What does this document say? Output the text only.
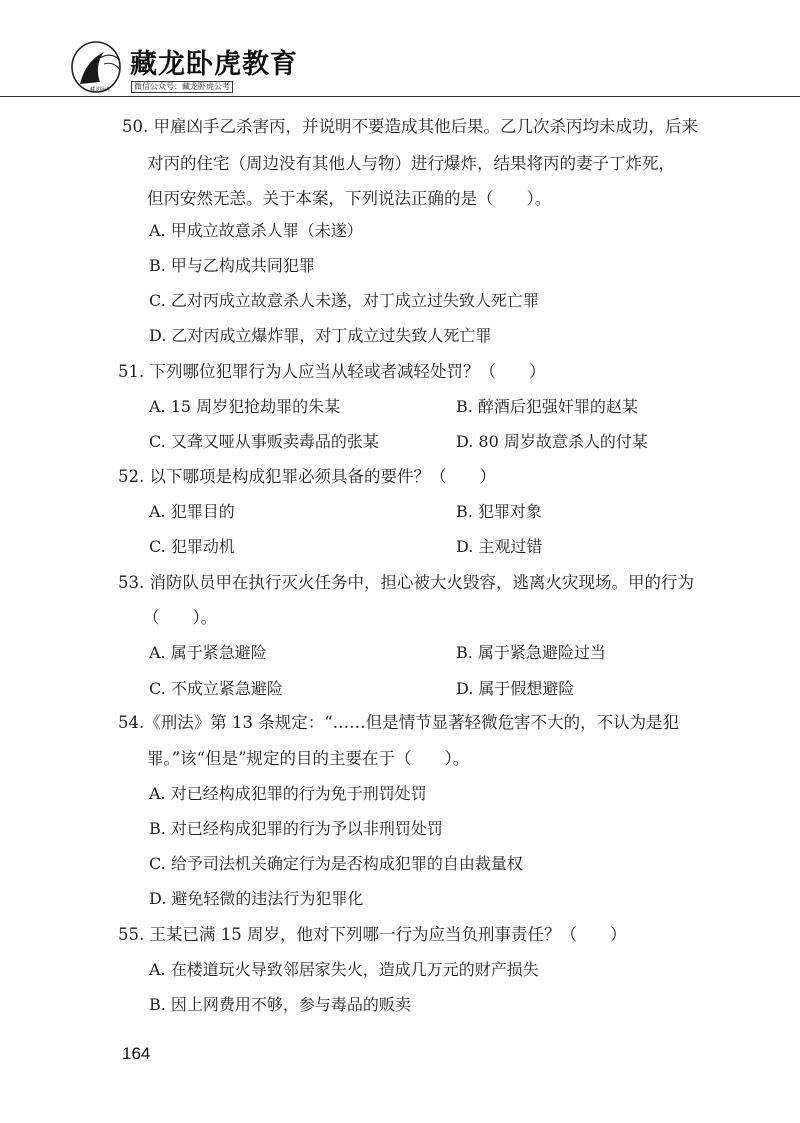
藏龙卧虎
藏龙卧虎教育
微信公众号：藏龙卧虎公考
50. 甲雇凶手乙杀害丙，并说明不要造成其他后果。乙几次杀丙均未成功，后来
对丙的住宅（周边没有其他人与物）进行爆炸，结果将丙的妻子丁炸死，
但丙安然无恙。关于本案，下列说法正确的是（　　）。
A. 甲成立故意杀人罪（未遂）
B. 甲与乙构成共同犯罪
C. 乙对丙成立故意杀人未遂，对丁成立过失致人死亡罪
D. 乙对丙成立爆炸罪，对丁成立过失致人死亡罪
51. 下列哪位犯罪行为人应当从轻或者减轻处罚？（　　）
A. 15 周岁犯抢劫罪的朱某	B. 醉酒后犯强奸罪的赵某
C. 又聋又哑从事贩卖毒品的张某	D. 80 周岁故意杀人的付某
52. 以下哪项是构成犯罪必须具备的要件？（　　）
A. 犯罪目的	B. 犯罪对象
C. 犯罪动机	D. 主观过错
53. 消防队员甲在执行灭火任务中，担心被大火毁容，逃离火灾现场。甲的行为
（　　）。
A. 属于紧急避险	B. 属于紧急避险过当
C. 不成立紧急避险	D. 属于假想避险
54.《刑法》第 13 条规定：“……但是情节显著轻微危害不大的，不认为是犯
罪。”该“但是”规定的目的主要在于（　　）。
A. 对已经构成犯罪的行为免于刑罚处罚
B. 对已经构成犯罪的行为予以非刑罚处罚
C. 给予司法机关确定行为是否构成犯罪的自由裁量权
D. 避免轻微的违法行为犯罪化
55. 王某已满 15 周岁，他对下列哪一行为应当负刑事责任？（　　）
A. 在楼道玩火导致邻居家失火，造成几万元的财产损失
B. 因上网费用不够，参与毒品的贩卖
164
